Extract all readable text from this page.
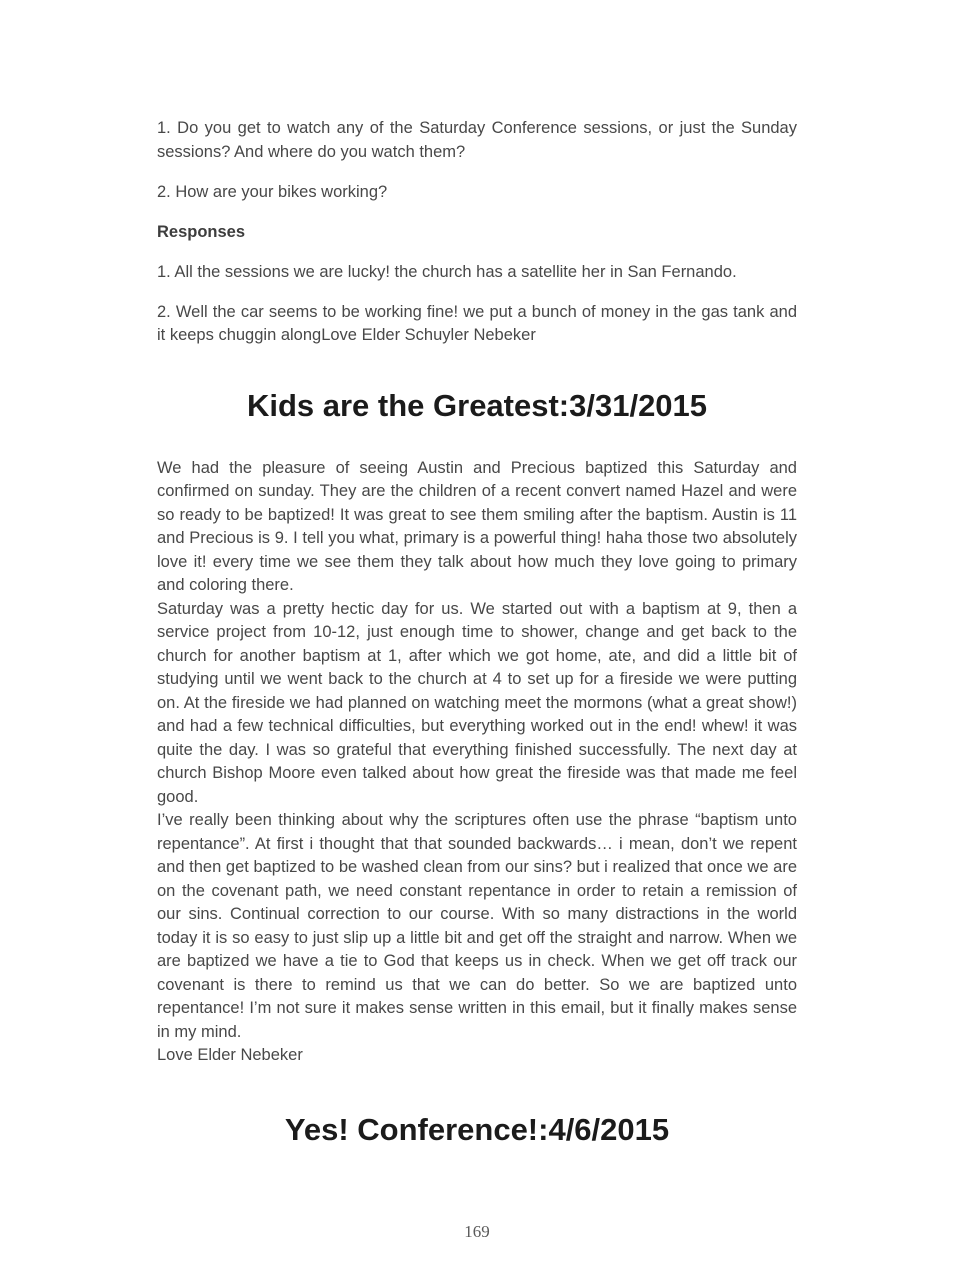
1. Do you get to watch any of the Saturday Conference sessions, or just the Sunday sessions? And where do you watch them?

2. How are your bikes working?

Responses

1. All the sessions we are lucky! the church has a satellite her in San Fernando.

2. Well the car seems to be working fine! we put a bunch of money in the gas tank and it keeps chuggin alongLove Elder Schuyler Nebeker

Kids are the Greatest:3/31/2015

We had the pleasure of seeing Austin and Precious baptized this Saturday and confirmed on sunday. They are the children of a recent convert named Hazel and were so ready to be baptized! It was great to see them smiling after the baptism. Austin is 11 and Precious is 9. I tell you what, primary is a powerful thing! haha those two absolutely love it! every time we see them they talk about how much they love going to primary and coloring there.

Saturday was a pretty hectic day for us. We started out with a baptism at 9, then a service project from 10-12, just enough time to shower, change and get back to the church for another baptism at 1, after which we got home, ate, and did a little bit of studying until we went back to the church at 4 to set up for a fireside we were putting on. At the fireside we had planned on watching meet the mormons (what a great show!) and had a few technical difficulties, but everything worked out in the end! whew! it was quite the day. I was so grateful that everything finished successfully. The next day at church Bishop Moore even talked about how great the fireside was that made me feel good.

I’ve really been thinking about why the scriptures often use the phrase “baptism unto repentance”. At first i thought that that sounded backwards… i mean, don’t we repent and then get baptized to be washed clean from our sins? but i realized that once we are on the covenant path, we need constant repentance in order to retain a remission of our sins. Continual correction to our course. With so many distractions in the world today it is so easy to just slip up a little bit and get off the straight and narrow. When we are baptized we have a tie to God that keeps us in check. When we get off track our covenant is there to remind us that we can do better. So we are baptized unto repentance! I’m not sure it makes sense written in this email, but it finally makes sense in my mind.

Love Elder Nebeker

Yes! Conference!:4/6/2015
169
